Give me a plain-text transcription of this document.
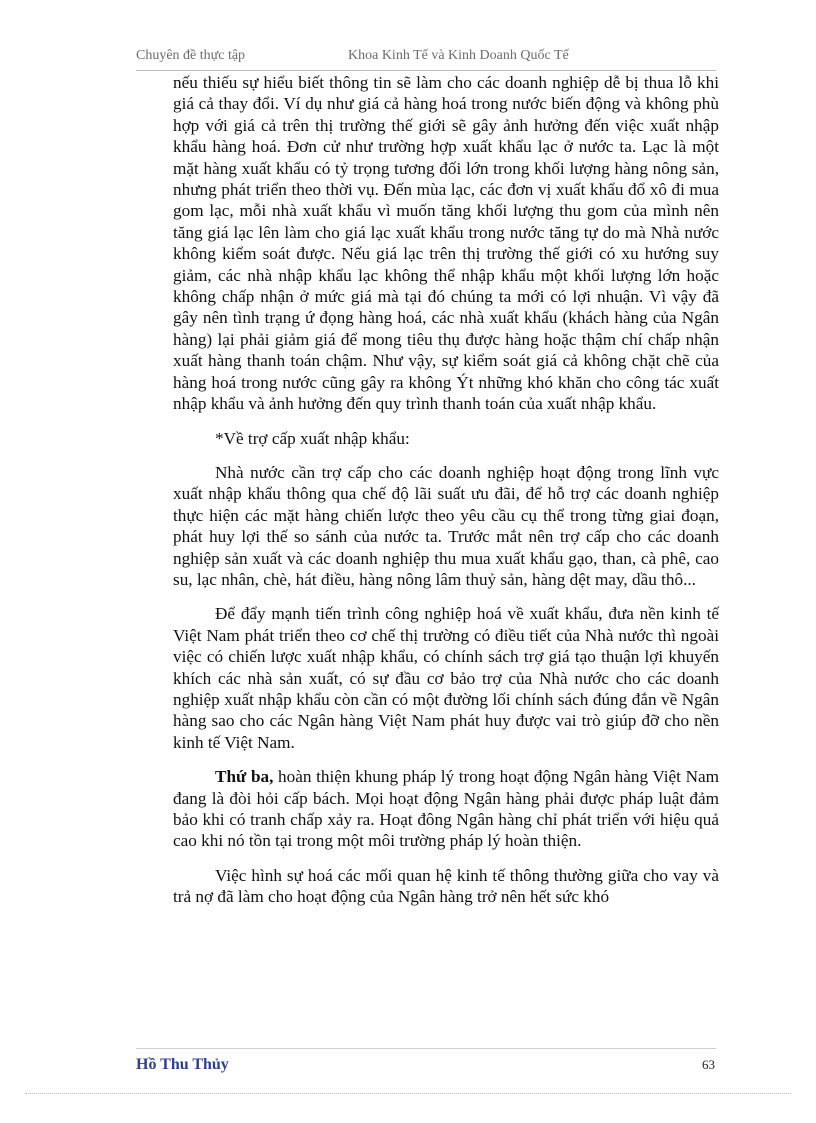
Chuyên đề thực tập	Khoa Kinh Tế và Kinh Doanh Quốc Tế

nếu thiếu sự hiểu biết thông tin sẽ làm cho các doanh nghiệp dễ bị thua lỗ khi giá cả thay đổi. Ví dụ như giá cả hàng hoá trong nước biến động và không phù hợp với giá cả trên thị trường thế giới sẽ gây ảnh hưởng đến việc xuất nhập khẩu hàng hoá. Đơn cử như trường hợp xuất khẩu lạc ở nước ta. Lạc là một mặt hàng xuất khẩu có tỷ trọng tương đối lớn trong khối lượng hàng nông sản, nhưng phát triển theo thời vụ. Đến mùa lạc, các đơn vị xuất khẩu đổ xô đi mua gom lạc, mỗi nhà xuất khẩu vì muốn tăng khối lượng thu gom của mình nên tăng giá lạc lên làm cho giá lạc xuất khẩu trong nước tăng tự do mà Nhà nước không kiểm soát được. Nếu giá lạc trên thị trường thế giới có xu hướng suy giảm, các nhà nhập khẩu lạc không thể nhập khẩu một khối lượng lớn hoặc không chấp nhận ở mức giá mà tại đó chúng ta mới có lợi nhuận. Vì vậy đã gây nên tình trạng ứ đọng hàng hoá, các nhà xuất khẩu (khách hàng của Ngân hàng) lại phải giảm giá để mong tiêu thụ được hàng hoặc thậm chí chấp nhận xuất hàng thanh toán chậm. Như vậy, sự kiểm soát giá cả không chặt chẽ của hàng hoá trong nước cũng gây ra không Ýt những khó khăn cho công tác xuất nhập khẩu và ảnh hưởng đến quy trình thanh toán của xuất nhập khẩu.

*Về trợ cấp xuất nhập khẩu:

Nhà nước cần trợ cấp cho các doanh nghiệp hoạt động trong lĩnh vực xuất nhập khẩu thông qua chế độ lãi suất ưu đãi, để hỗ trợ các doanh nghiệp thực hiện các mặt hàng chiến lược theo yêu cầu cụ thể trong từng giai đoạn, phát huy lợi thế so sánh của nước ta. Trước mắt nên trợ cấp cho các doanh nghiệp sản xuất và các doanh nghiệp thu mua xuất khẩu gạo, than, cà phê, cao su, lạc nhân, chè, hát điều, hàng nông lâm thuỷ sản, hàng dệt may, dầu thô...

Để đẩy mạnh tiến trình công nghiệp hoá về xuất khẩu, đưa nền kinh tế Việt Nam phát triển theo cơ chế thị trường có điều tiết của Nhà nước thì ngoài việc có chiến lược xuất nhập khẩu, có chính sách trợ giá tạo thuận lợi khuyến khích các nhà sản xuất, có sự đầu cơ bảo trợ của Nhà nước cho các doanh nghiệp xuất nhập khẩu còn cần có một đường lối chính sách đúng đắn về Ngân hàng sao cho các Ngân hàng Việt Nam phát huy được vai trò giúp đỡ cho nền kinh tế Việt Nam.

Thứ ba, hoàn thiện khung pháp lý trong hoạt động Ngân hàng Việt Nam đang là đòi hỏi cấp bách. Mọi hoạt động Ngân hàng phải được pháp luật đảm bảo khi có tranh chấp xảy ra. Hoạt đông Ngân hàng chỉ phát triển với hiệu quả cao khi nó tồn tại trong một môi trường pháp lý hoàn thiện.

Việc hình sự hoá các mối quan hệ kinh tế thông thường giữa cho vay và trả nợ đã làm cho hoạt động của Ngân hàng trở nên hết sức khó

Hồ Thu Thủy	63
